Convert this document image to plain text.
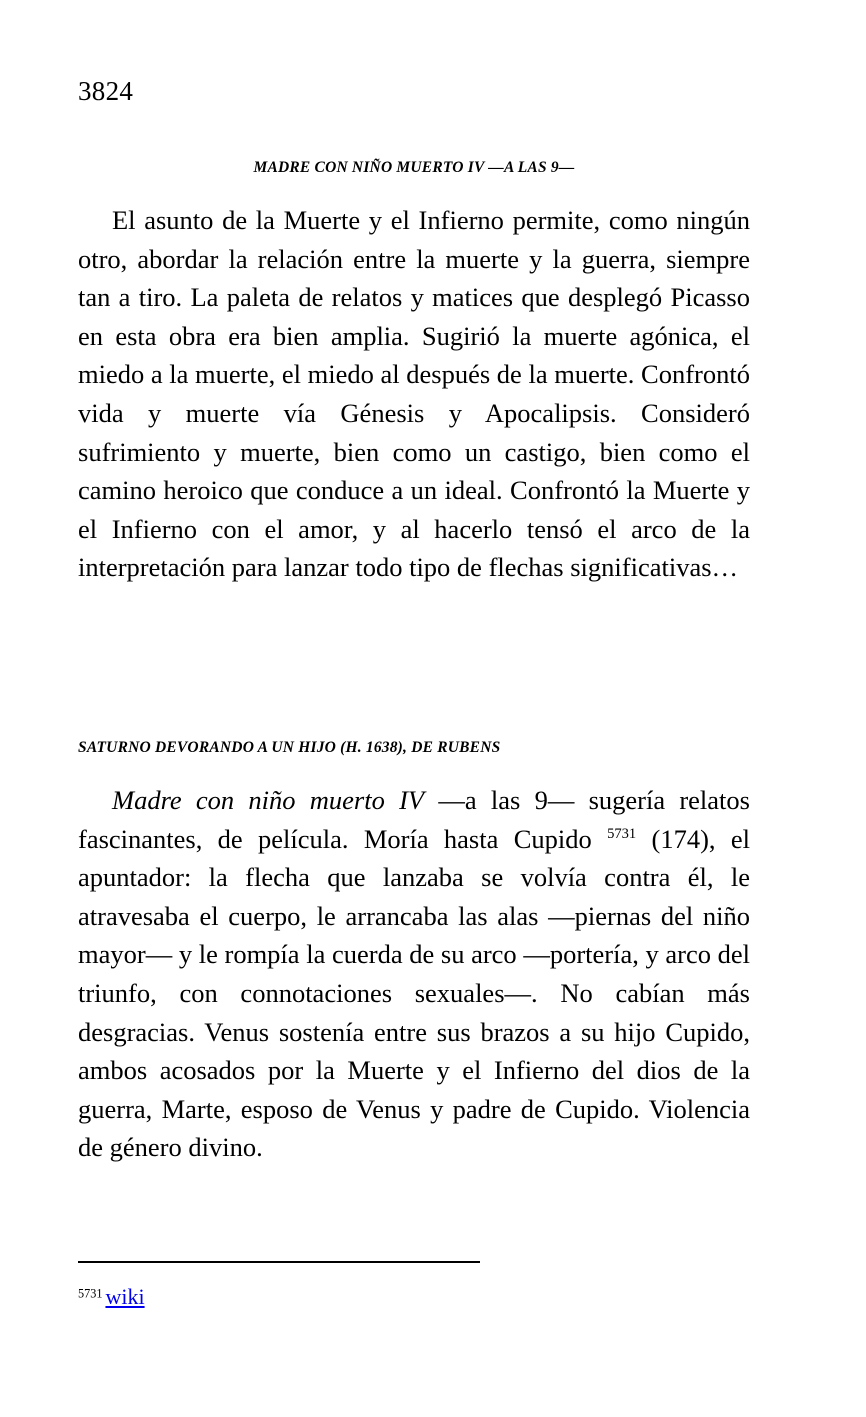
3824
MADRE CON NIÑO MUERTO IV —A LAS 9—
El asunto de la Muerte y el Infierno permite, como ningún otro, abordar la relación entre la muerte y la guerra, siempre tan a tiro. La paleta de relatos y matices que desplegó Picasso en esta obra era bien amplia. Sugirió la muerte agónica, el miedo a la muerte, el miedo al después de la muerte. Confrontó vida y muerte vía Génesis y Apocalipsis. Consideró sufrimiento y muerte, bien como un castigo, bien como el camino heroico que conduce a un ideal. Confrontó la Muerte y el Infierno con el amor, y al hacerlo tensó el arco de la interpretación para lanzar todo tipo de flechas significativas…
SATURNO DEVORANDO A UN HIJO (H. 1638), DE RUBENS
Madre con niño muerto IV —a las 9— sugería relatos fascinantes, de película. Moría hasta Cupido $^{5731}$ (174), el apuntador: la flecha que lanzaba se volvía contra él, le atravesaba el cuerpo, le arrancaba las alas —piernas del niño mayor— y le rompía la cuerda de su arco —portería, y arco del triunfo, con connotaciones sexuales—. No cabían más desgracias. Venus sostenía entre sus brazos a su hijo Cupido, ambos acosados por la Muerte y el Infierno del dios de la guerra, Marte, esposo de Venus y padre de Cupido. Violencia de género divino.
$^{5731}$ wiki
